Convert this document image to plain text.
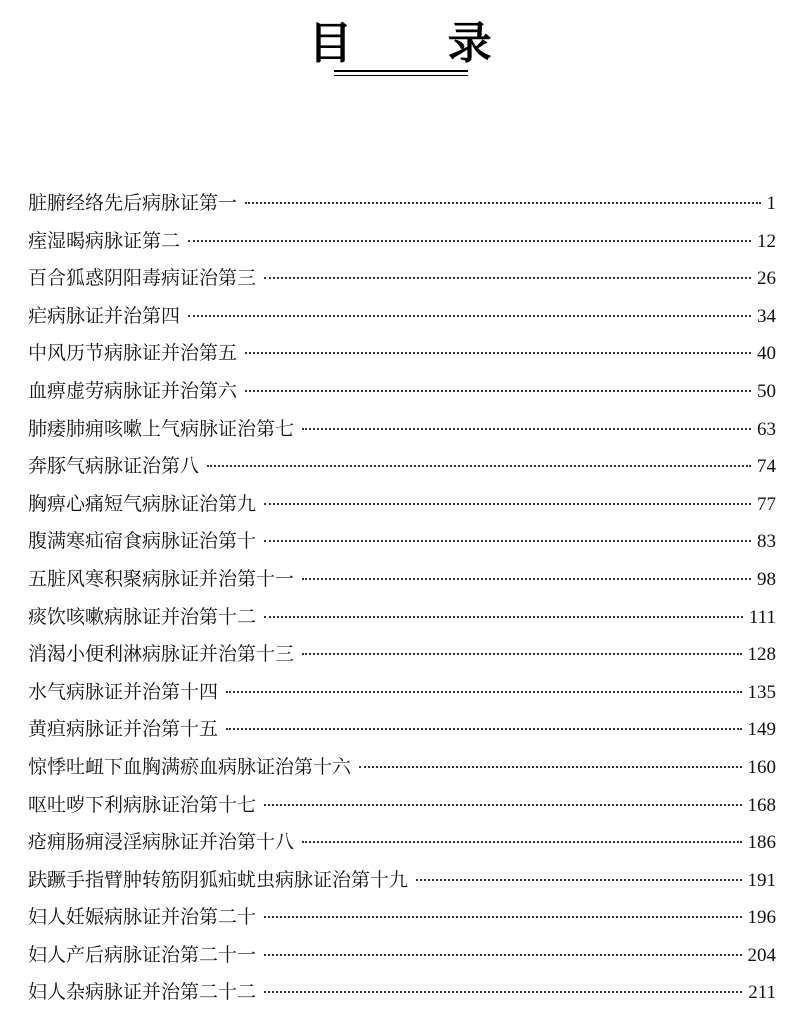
目 录
脏腑经络先后病脉证第一	1
痓湿暍病脉证第二	12
百合狐惑阴阳毒病证治第三	26
疟病脉证并治第四	34
中风历节病脉证并治第五	40
血痹虚劳病脉证并治第六	50
肺痿肺痈咳嗽上气病脉证治第七	63
奔豚气病脉证治第八	74
胸痹心痛短气病脉证治第九	77
腹满寒疝宿食病脉证治第十	83
五脏风寒积聚病脉证并治第十一	98
痰饮咳嗽病脉证并治第十二	111
消渴小便利淋病脉证并治第十三	128
水气病脉证并治第十四	135
黄疸病脉证并治第十五	149
惊悸吐衄下血胸满瘀血病脉证治第十六	160
呕吐哕下利病脉证治第十七	168
疮痈肠痈浸淫病脉证并治第十八	186
趺蹶手指臂肿转筋阴狐疝蚘虫病脉证治第十九	191
妇人妊娠病脉证并治第二十	196
妇人产后病脉证治第二十一	204
妇人杂病脉证并治第二十二	211
